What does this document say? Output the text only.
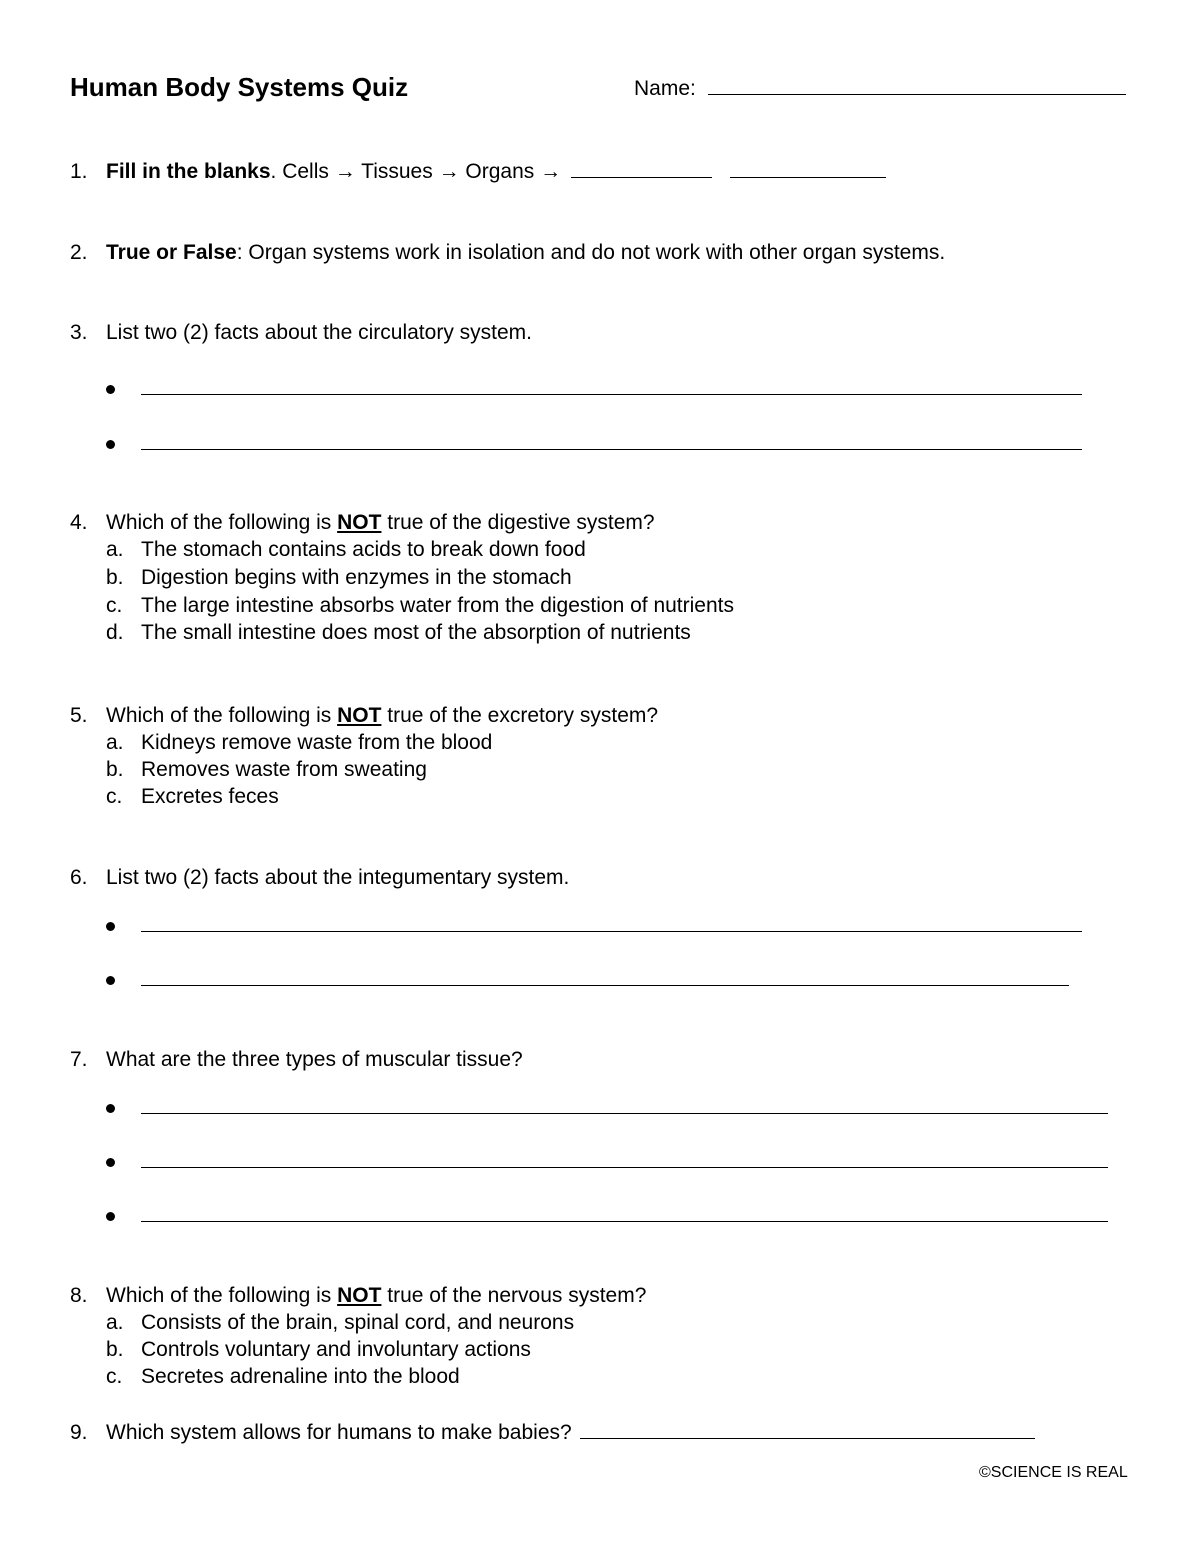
Human Body Systems Quiz	Name:
1. Fill in the blanks. Cells → Tissues → Organs →
2. True or False: Organ systems work in isolation and do not work with other organ systems.
3. List two (2) facts about the circulatory system.
4. Which of the following is NOT true of the digestive system?
a. The stomach contains acids to break down food
b. Digestion begins with enzymes in the stomach
c. The large intestine absorbs water from the digestion of nutrients
d. The small intestine does most of the absorption of nutrients
5. Which of the following is NOT true of the excretory system?
a. Kidneys remove waste from the blood
b. Removes waste from sweating
c. Excretes feces
6. List two (2) facts about the integumentary system.
7. What are the three types of muscular tissue?
8. Which of the following is NOT true of the nervous system?
a. Consists of the brain, spinal cord, and neurons
b. Controls voluntary and involuntary actions
c. Secretes adrenaline into the blood
9. Which system allows for humans to make babies?
©SCIENCE IS REAL
